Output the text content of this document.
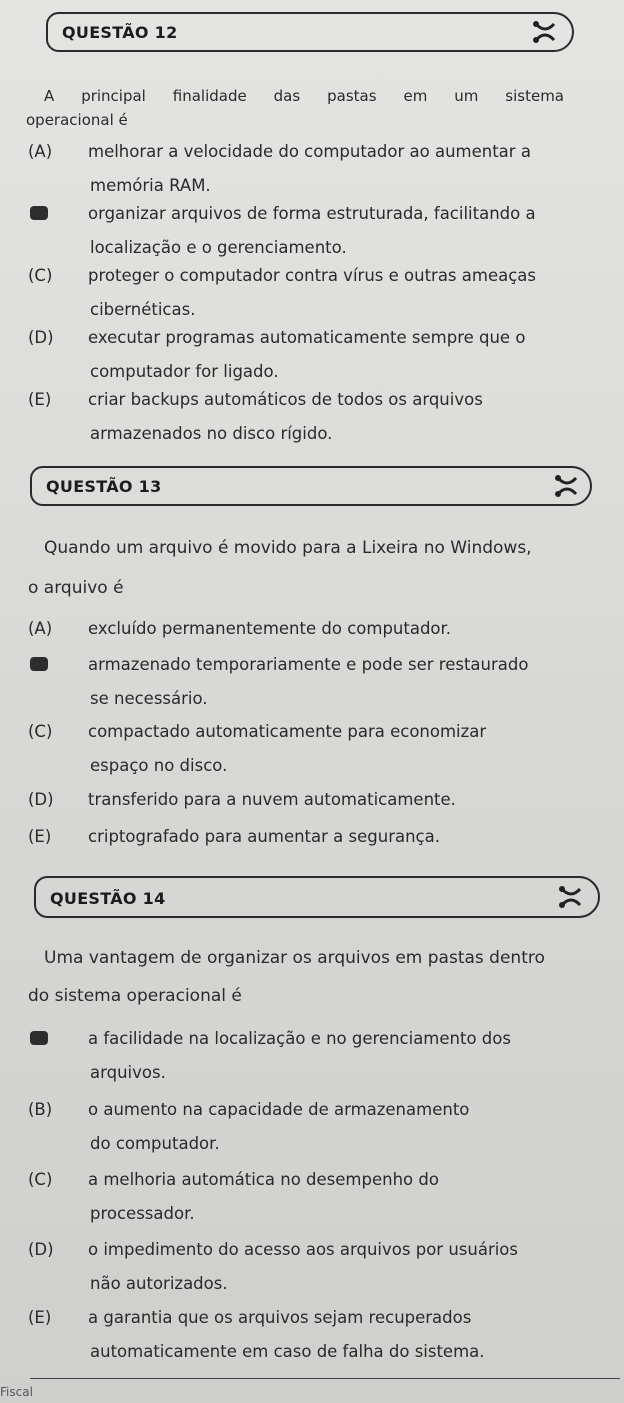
QUESTÃO 12
A principal finalidade das pastas em um sistema
operacional é
(A) melhorar a velocidade do computador ao aumentar a
memória RAM.
organizar arquivos de forma estruturada, facilitando a
localização e o gerenciamento.
(C) proteger o computador contra vírus e outras ameaças
cibernéticas.
(D) executar programas automaticamente sempre que o
computador for ligado.
(E) criar backups automáticos de todos os arquivos
armazenados no disco rígido.
QUESTÃO 13
Quando um arquivo é movido para a Lixeira no Windows,
o arquivo é
(A) excluído permanentemente do computador.
armazenado temporariamente e pode ser restaurado
se necessário.
(C) compactado automaticamente para economizar
espaço no disco.
(D) transferido para a nuvem automaticamente.
(E) criptografado para aumentar a segurança.
QUESTÃO 14
Uma vantagem de organizar os arquivos em pastas dentro
do sistema operacional é
a facilidade na localização e no gerenciamento dos
arquivos.
(B) o aumento na capacidade de armazenamento
do computador.
(C) a melhoria automática no desempenho do
processador.
(D) o impedimento do acesso aos arquivos por usuários
não autorizados.
(E) a garantia que os arquivos sejam recuperados
automaticamente em caso de falha do sistema.
Fiscal
